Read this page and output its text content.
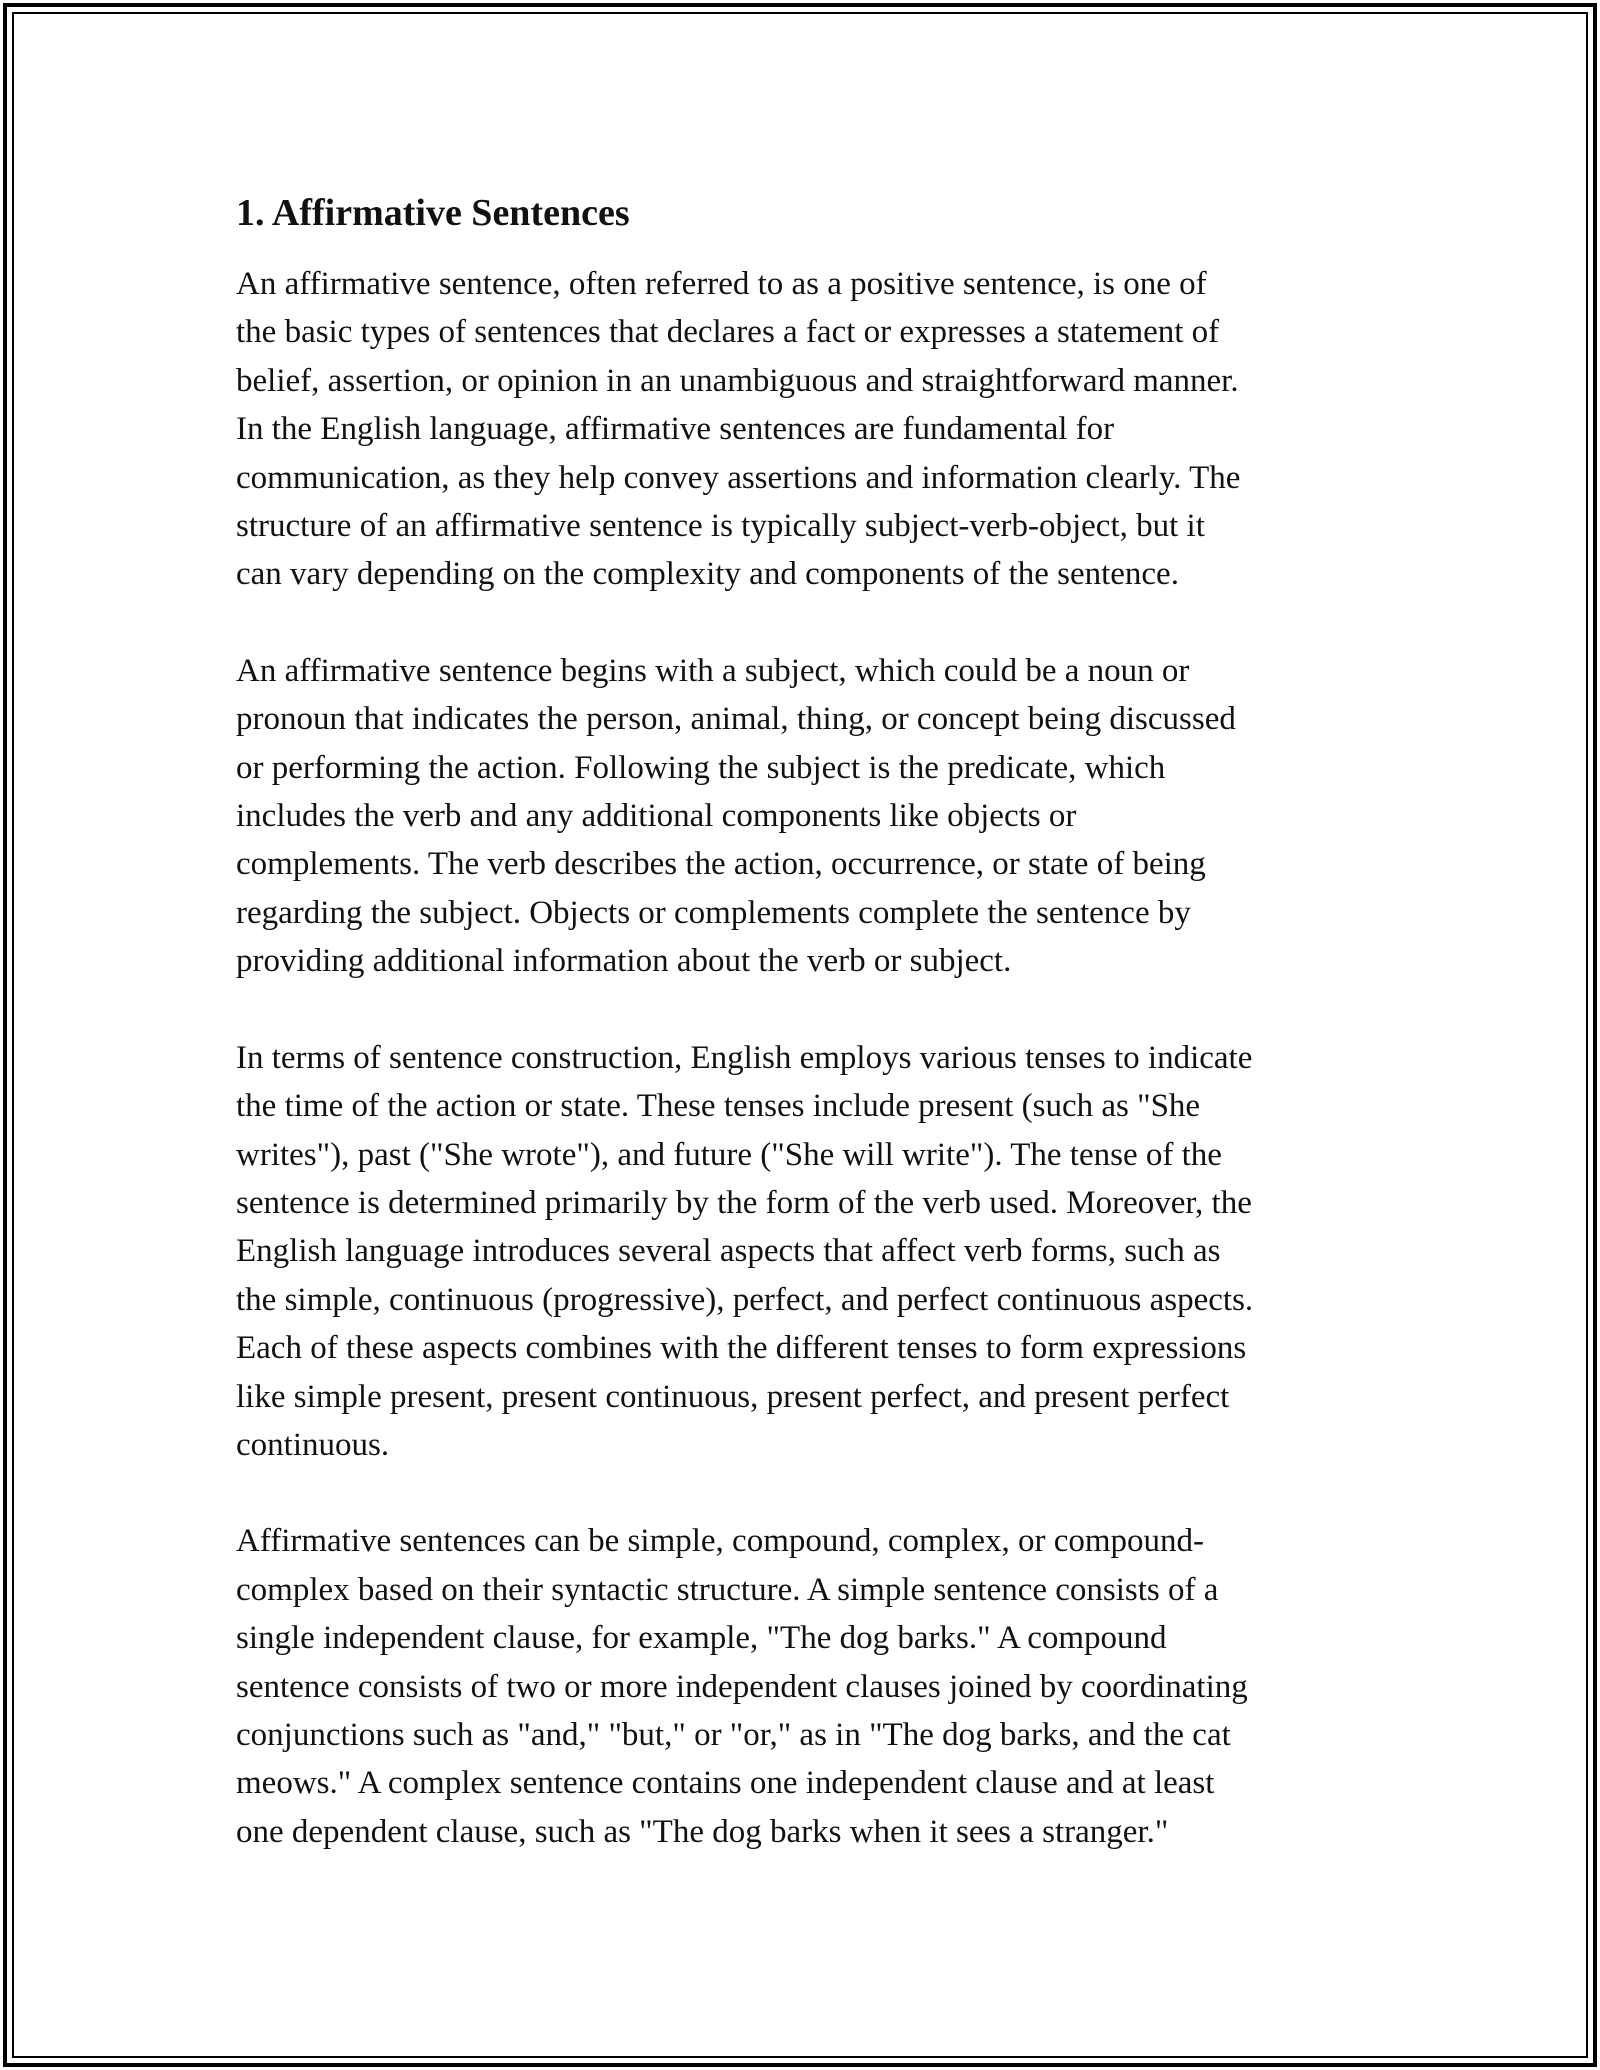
1. Affirmative Sentences

An affirmative sentence, often referred to as a positive sentence, is one of
the basic types of sentences that declares a fact or expresses a statement of
belief, assertion, or opinion in an unambiguous and straightforward manner.
In the English language, affirmative sentences are fundamental for
communication, as they help convey assertions and information clearly. The
structure of an affirmative sentence is typically subject-verb-object, but it
can vary depending on the complexity and components of the sentence.

An affirmative sentence begins with a subject, which could be a noun or
pronoun that indicates the person, animal, thing, or concept being discussed
or performing the action. Following the subject is the predicate, which
includes the verb and any additional components like objects or
complements. The verb describes the action, occurrence, or state of being
regarding the subject. Objects or complements complete the sentence by
providing additional information about the verb or subject.

In terms of sentence construction, English employs various tenses to indicate
the time of the action or state. These tenses include present (such as "She
writes"), past ("She wrote"), and future ("She will write"). The tense of the
sentence is determined primarily by the form of the verb used. Moreover, the
English language introduces several aspects that affect verb forms, such as
the simple, continuous (progressive), perfect, and perfect continuous aspects.
Each of these aspects combines with the different tenses to form expressions
like simple present, present continuous, present perfect, and present perfect
continuous.

Affirmative sentences can be simple, compound, complex, or compound-
complex based on their syntactic structure. A simple sentence consists of a
single independent clause, for example, "The dog barks." A compound
sentence consists of two or more independent clauses joined by coordinating
conjunctions such as "and," "but," or "or," as in "The dog barks, and the cat
meows." A complex sentence contains one independent clause and at least
one dependent clause, such as "The dog barks when it sees a stranger."
